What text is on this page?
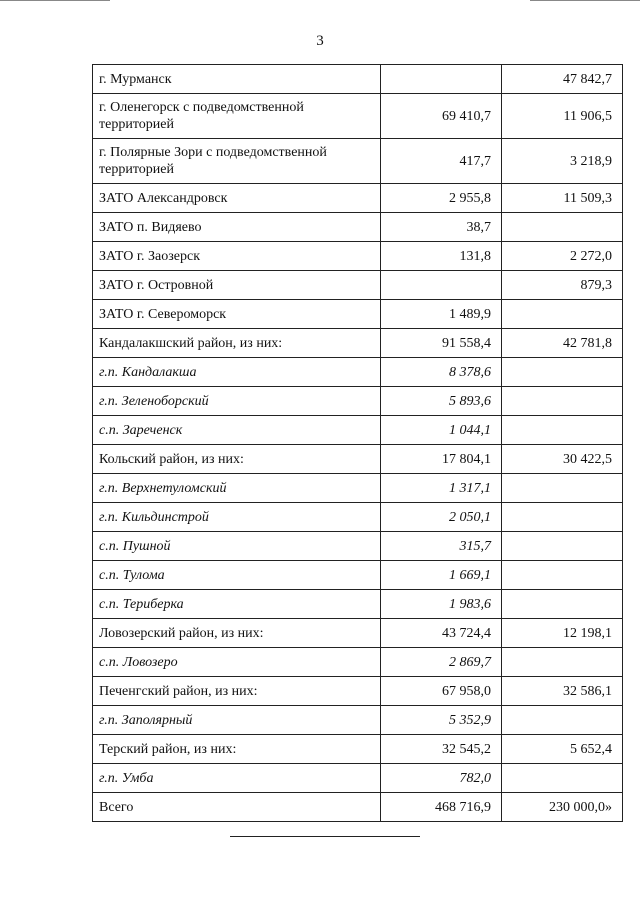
3
г. Мурманск		47 842,7
г. Оленегорск с подведомственной территорией	69 410,7	11 906,5
г. Полярные Зори с подведомственной территорией	417,7	3 218,9
ЗАТО Александровск	2 955,8	11 509,3
ЗАТО п. Видяево	38,7	
ЗАТО г. Заозерск	131,8	2 272,0
ЗАТО г. Островной		879,3
ЗАТО г. Североморск	1 489,9	
Кандалакшский район, из них:	91 558,4	42 781,8
г.п. Кандалакша	8 378,6	
г.п. Зеленоборский	5 893,6	
с.п. Зареченск	1 044,1	
Кольский район, из них:	17 804,1	30 422,5
г.п. Верхнетуломский	1 317,1	
г.п. Кильдинстрой	2 050,1	
с.п. Пушной	315,7	
с.п. Тулома	1 669,1	
с.п. Териберка	1 983,6	
Ловозерский район, из них:	43 724,4	12 198,1
с.п. Ловозеро	2 869,7	
Печенгский район, из них:	67 958,0	32 586,1
г.п. Заполярный	5 352,9	
Терский район, из них:	32 545,2	5 652,4
г.п. Умба	782,0	
Всего	468 716,9	230 000,0»
